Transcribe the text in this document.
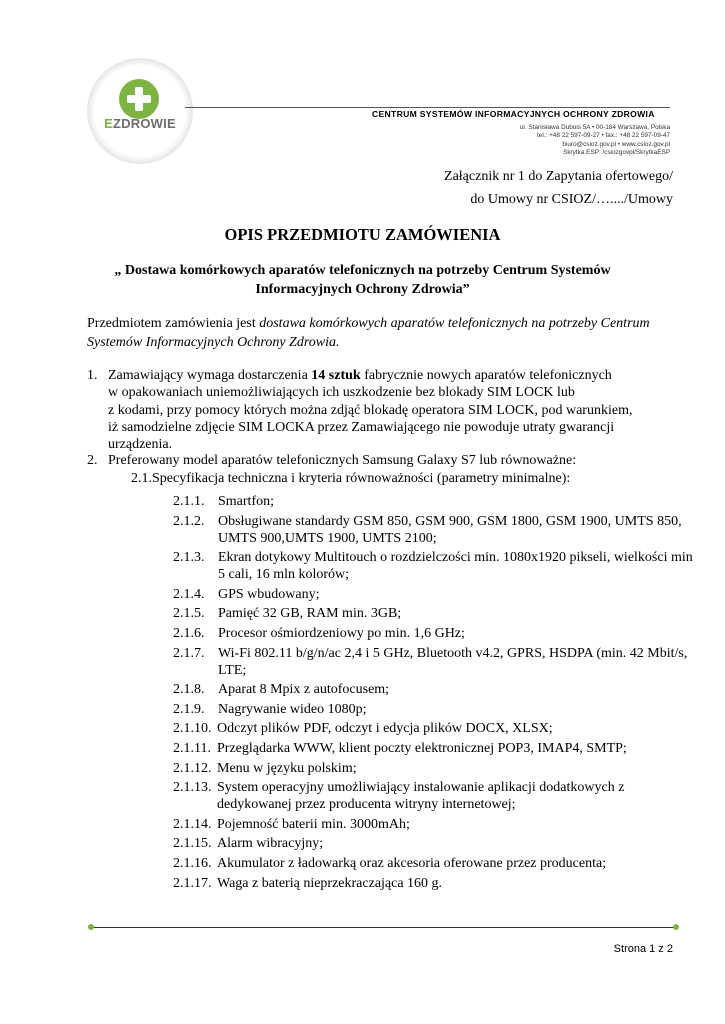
EZDROWIE
CENTRUM SYSTEMÓW INFORMACYJNYCH OCHRONY ZDROWIA
ul. Stanisława Dubois 5A • 00-184 Warszawa, Polska
tel.: +48 22 597-09-27 • fax.: +48 22 597-09-47
biuro@csioz.gov.pl • www.csioz.gov.pl
Skrytka ESP: /csiozgovpl/SkrytkaESP
Załącznik nr 1 do Zapytania ofertowego/
do Umowy nr CSIOZ/…..../Umowy
OPIS PRZEDMIOTU ZAMÓWIENIA
„ Dostawa komórkowych aparatów telefonicznych na potrzeby Centrum Systemów
Informacyjnych Ochrony Zdrowia”
Przedmiotem zamówienia jest dostawa komórkowych aparatów telefonicznych na potrzeby Centrum Systemów Informacyjnych Ochrony Zdrowia.
1. Zamawiający wymaga dostarczenia 14 sztuk fabrycznie nowych aparatów telefonicznych
w opakowaniach uniemożliwiających ich uszkodzenie bez blokady SIM LOCK lub
z kodami, przy pomocy których można zdjąć blokadę operatora SIM LOCK, pod warunkiem,
iż samodzielne zdjęcie SIM LOCKA przez Zamawiającego nie powoduje utraty gwarancji
urządzenia.
2. Preferowany model aparatów telefonicznych Samsung Galaxy S7 lub równoważne:
2.1.Specyfikacja techniczna i kryteria równoważności (parametry minimalne):
2.1.1. Smartfon;
2.1.2. Obsługiwane standardy GSM 850, GSM 900, GSM 1800, GSM 1900, UMTS 850, UMTS 900,UMTS 1900, UMTS 2100;
2.1.3. Ekran dotykowy Multitouch o rozdzielczości min. 1080x1920 pikseli, wielkości min 5 cali, 16 mln kolorów;
2.1.4. GPS wbudowany;
2.1.5. Pamięć 32 GB, RAM min. 3GB;
2.1.6. Procesor ośmiordzeniowy po min. 1,6 GHz;
2.1.7. Wi-Fi 802.11 b/g/n/ac 2,4 i 5 GHz, Bluetooth v4.2, GPRS, HSDPA (min. 42 Mbit/s, LTE;
2.1.8. Aparat 8 Mpix z autofocusem;
2.1.9. Nagrywanie wideo 1080p;
2.1.10. Odczyt plików PDF, odczyt i edycja plików DOCX, XLSX;
2.1.11. Przeglądarka WWW, klient poczty elektronicznej POP3, IMAP4, SMTP;
2.1.12. Menu w języku polskim;
2.1.13. System operacyjny umożliwiający instalowanie aplikacji dodatkowych z dedykowanej przez producenta witryny internetowej;
2.1.14. Pojemność baterii min. 3000mAh;
2.1.15. Alarm wibracyjny;
2.1.16. Akumulator z ładowarką oraz akcesoria oferowane przez producenta;
2.1.17. Waga z baterią nieprzekraczająca 160 g.
Strona 1 z 2
